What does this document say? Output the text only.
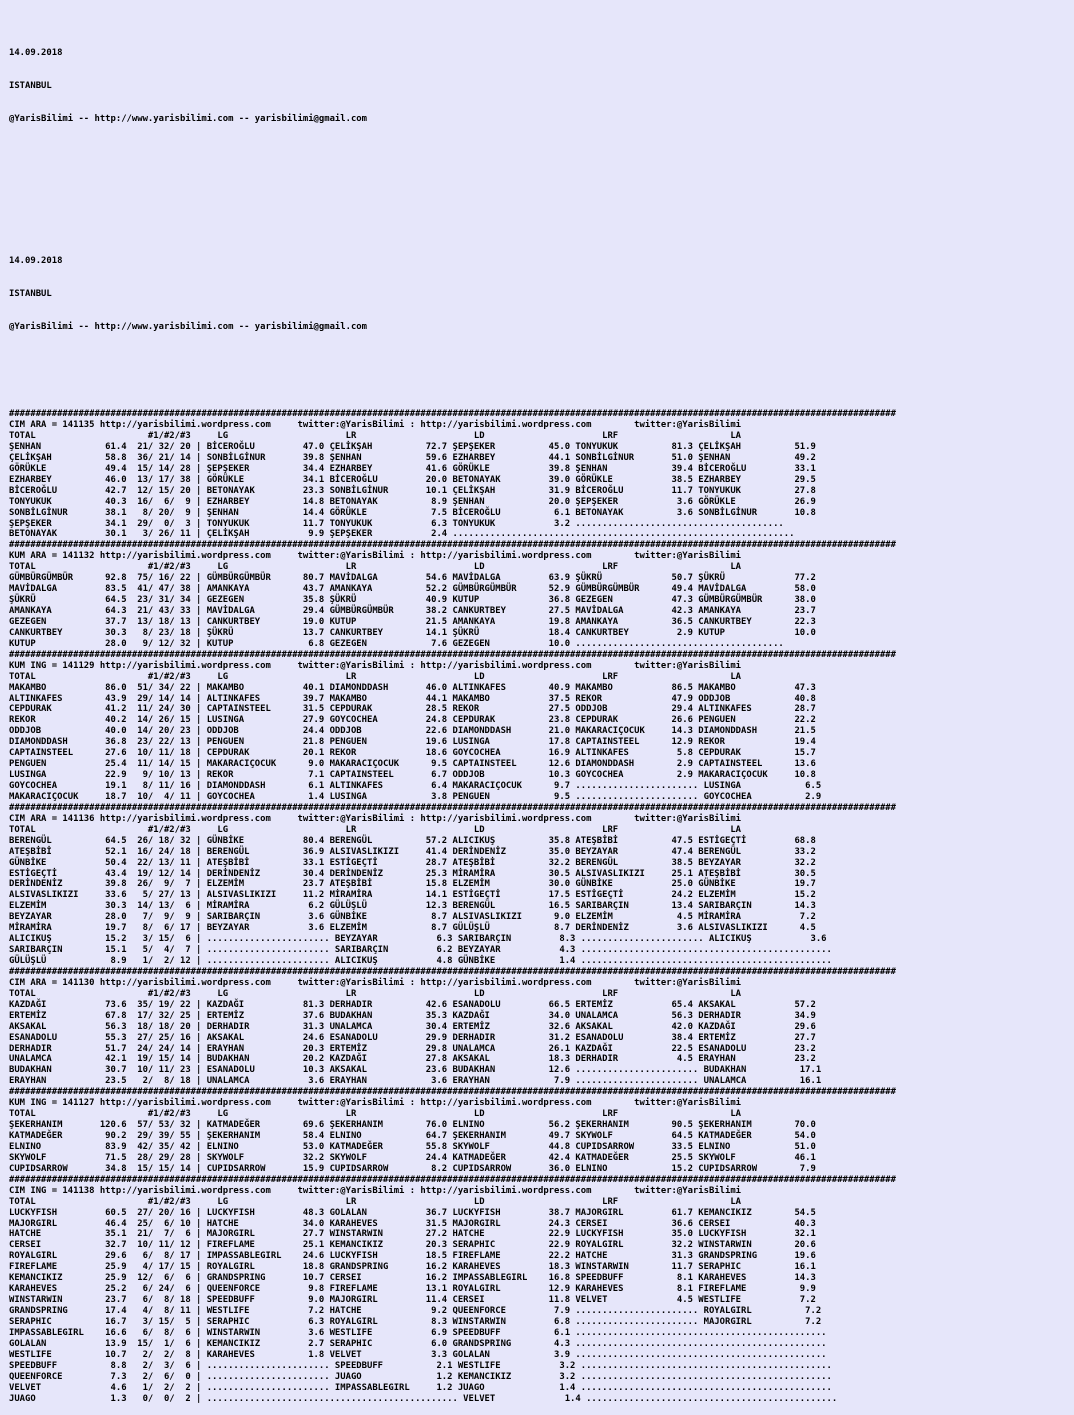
14.09.2018

ISTANBUL

@YarisBilimi -- http://www.yarisbilimi.com -- yarisbilimi@gmail.com

14.09.2018

ISTANBUL

@YarisBilimi -- http://www.yarisbilimi.com -- yarisbilimi@gmail.com

######################################################################################################################################################################
CIM ARA = 141135 http://yarisbilimi.wordpress.com     twitter:@YarisBilimi : http://yarisbilimi.wordpress.com        twitter:@YarisBilimi
TOTAL                     #1/#2/#3     LG                      LR                      LD                      LRF                     LA
ŞENHAN            61.4  21/ 32/ 20 | BİCEROĞLU         47.0 ÇELİKŞAH          72.7 ŞEPŞEKER          45.0 TONYUKUK          81.3 ÇELİKŞAH          51.9
ÇELİKŞAH          58.8  36/ 21/ 14 | SONBİLGİNUR       39.8 ŞENHAN            59.6 EZHARBEY          44.1 SONBİLGİNUR       51.0 ŞENHAN            49.2
GÖRÜKLE           49.4  15/ 14/ 28 | ŞEPŞEKER          34.4 EZHARBEY          41.6 GÖRÜKLE           39.8 ŞENHAN            39.4 BİCEROĞLU         33.1
EZHARBEY          46.0  13/ 17/ 38 | GÖRÜKLE           34.1 BİCEROĞLU         20.0 BETONAYAK         39.0 GÖRÜKLE           38.5 EZHARBEY          29.5
BİCEROĞLU         42.7  12/ 15/ 20 | BETONAYAK         23.3 SONBİLGİNUR       10.1 ÇELİKŞAH          31.9 BİCEROĞLU         11.7 TONYUKUK          27.8
TONYUKUK          40.3  16/  6/  9 | EZHARBEY          14.8 BETONAYAK          8.9 ŞENHAN            20.0 ŞEPŞEKER           3.6 GÖRÜKLE           26.9
SONBİLGİNUR       38.1   8/ 20/  9 | ŞENHAN            14.4 GÖRÜKLE            7.5 BİCEROĞLU          6.1 BETONAYAK          3.6 SONBİLGİNUR       10.8
ŞEPŞEKER          34.1  29/  0/  3 | TONYUKUK          11.7 TONYUKUK           6.3 TONYUKUK           3.2 .......................................
BETONAYAK         30.1   3/ 26/ 11 | ÇELİKŞAH           9.9 ŞEPŞEKER           2.4 ................................................................
######################################################################################################################################################################
KUM ARA = 141132 http://yarisbilimi.wordpress.com     twitter:@YarisBilimi : http://yarisbilimi.wordpress.com        twitter:@YarisBilimi
TOTAL                     #1/#2/#3     LG                      LR                      LD                      LRF                     LA
GÜMBÜRGÜMBÜR      92.8  75/ 16/ 22 | GÜMBÜRGÜMBÜR      80.7 MAVİDALGA         54.6 MAVİDALGA         63.9 ŞÜKRÜ             50.7 ŞÜKRÜ             77.2
MAVİDALGA         83.5  41/ 47/ 38 | AMANKAYA          43.7 AMANKAYA          52.2 GÜMBÜRGÜMBÜR      52.9 GÜMBÜRGÜMBÜR      49.4 MAVİDALGA         58.0
ŞÜKRÜ             64.5  23/ 31/ 34 | GEZEGEN           35.8 ŞÜKRÜ             40.9 KUTUP             36.8 GEZEGEN           47.3 GÜMBÜRGÜMBÜR      38.0
AMANKAYA          64.3  21/ 43/ 33 | MAVİDALGA         29.4 GÜMBÜRGÜMBÜR      38.2 CANKURTBEY        27.5 MAVİDALGA         42.3 AMANKAYA          23.7
GEZEGEN           37.7  13/ 18/ 13 | CANKURTBEY        19.0 KUTUP             21.5 AMANKAYA          19.8 AMANKAYA          36.5 CANKURTBEY        22.3
CANKURTBEY        30.3   8/ 23/ 18 | ŞÜKRÜ             13.7 CANKURTBEY        14.1 ŞÜKRÜ             18.4 CANKURTBEY         2.9 KUTUP             10.0
KUTUP             28.0   9/ 12/ 32 | KUTUP              6.8 GEZEGEN            7.6 GEZEGEN           10.0 .......................................
######################################################################################################################################################################
KUM ING = 141129 http://yarisbilimi.wordpress.com     twitter:@YarisBilimi : http://yarisbilimi.wordpress.com        twitter:@YarisBilimi
TOTAL                     #1/#2/#3     LG                      LR                      LD                      LRF                     LA
MAKAMBO           86.0  51/ 34/ 22 | MAKAMBO           40.1 DIAMONDDASH       46.0 ALTINKAFES        40.9 MAKAMBO           86.5 MAKAMBO           47.3
ALTINKAFES        43.9  29/ 14/ 14 | ALTINKAFES        39.7 MAKAMBO           44.1 MAKAMBO           37.5 REKOR             47.9 ODDJOB            40.8
CEPDURAK          41.2  11/ 24/ 30 | CAPTAINSTEEL      31.5 CEPDURAK          28.5 REKOR             27.5 ODDJOB            29.4 ALTINKAFES        28.7
REKOR             40.2  14/ 26/ 15 | LUSINGA           27.9 GOYCOCHEA         24.8 CEPDURAK          23.8 CEPDURAK          26.6 PENGUEN           22.2
ODDJOB            40.0  14/ 20/ 23 | ODDJOB            24.4 ODDJOB            22.6 DIAMONDDASH       21.0 MAKARACIÇOCUK     14.3 DIAMONDDASH       21.5
DIAMONDDASH       36.8  23/ 22/ 13 | PENGUEN           21.8 PENGUEN           19.6 LUSINGA           17.8 CAPTAINSTEEL      12.9 REKOR             19.4
CAPTAINSTEEL      27.6  10/ 11/ 18 | CEPDURAK          20.1 REKOR             18.6 GOYCOCHEA         16.9 ALTINKAFES         5.8 CEPDURAK          15.7
PENGUEN           25.4  11/ 14/ 15 | MAKARACIÇOCUK      9.0 MAKARACIÇOCUK      9.5 CAPTAINSTEEL      12.6 DIAMONDDASH        2.9 CAPTAINSTEEL      13.6
LUSINGA           22.9   9/ 10/ 13 | REKOR              7.1 CAPTAINSTEEL       6.7 ODDJOB            10.3 GOYCOCHEA          2.9 MAKARACIÇOCUK     10.8
GOYCOCHEA         19.1   8/ 11/ 16 | DIAMONDDASH        6.1 ALTINKAFES         6.4 MAKARACIÇOCUK      9.7 ....................... LUSINGA            6.5
MAKARACIÇOCUK     18.7  10/  4/ 11 | GOYCOCHEA          1.4 LUSINGA            3.8 PENGUEN            9.5 ....................... GOYCOCHEA          2.9
######################################################################################################################################################################
CIM ARA = 141136 http://yarisbilimi.wordpress.com     twitter:@YarisBilimi : http://yarisbilimi.wordpress.com        twitter:@YarisBilimi
TOTAL                     #1/#2/#3     LG                      LR                      LD                      LRF                     LA
BERENGÜL          64.5  26/ 18/ 32 | GÜNBİKE           80.4 BERENGÜL          57.2 ALICIKUŞ          35.8 ATEŞBİBİ          47.5 ESTİGEÇTİ         68.8
ATEŞBİBİ          52.1  16/ 24/ 18 | BERENGÜL          36.9 ALSIVASLIKIZI     41.4 DERİNDENİZ        35.0 BEYZAYAR          47.4 BERENGÜL          33.2
GÜNBİKE           50.4  22/ 13/ 11 | ATEŞBİBİ          33.1 ESTİGEÇTİ         28.7 ATEŞBİBİ          32.2 BERENGÜL          38.5 BEYZAYAR          32.2
ESTİGEÇTİ         43.4  19/ 12/ 14 | DERİNDENİZ        30.4 DERİNDENİZ        25.3 MİRAMİRA          30.5 ALSIVASLIKIZI     25.1 ATEŞBİBİ          30.5
DERİNDENİZ        39.8  26/  9/  7 | ELZEMİM           23.7 ATEŞBİBİ          15.8 ELZEMİM           30.0 GÜNBİKE           25.0 GÜNBİKE           19.7
ALSIVASLIKIZI     33.6   5/ 27/ 13 | ALSIVASLIKIZI     11.2 MİRAMİRA          14.1 ESTİGEÇTİ         17.5 ESTİGEÇTİ         24.2 ELZEMİM           15.2
ELZEMİM           30.3  14/ 13/  6 | MİRAMİRA           6.2 GÜLÜŞLÜ           12.3 BERENGÜL          16.5 SARIBARÇIN        13.4 SARIBARÇIN        14.3
BEYZAYAR          28.0   7/  9/  9 | SARIBARÇIN         3.6 GÜNBİKE            8.7 ALSIVASLIKIZI      9.0 ELZEMİM            4.5 MİRAMİRA           7.2
MİRAMİRA          19.7   8/  6/ 17 | BEYZAYAR           3.6 ELZEMİM            8.7 GÜLÜŞLÜ            8.7 DERİNDENİZ         3.6 ALSIVASLIKIZI      4.5
ALICIKUŞ          15.2   3/ 15/  6 | ....................... BEYZAYAR           6.3 SARIBARÇIN         8.3 ....................... ALICIKUŞ           3.6
SARIBARÇIN        15.1   5/  4/  7 | ....................... SARIBARÇIN         6.2 BEYZAYAR           4.3 ...............................................
GÜLÜŞLÜ            8.9   1/  2/ 12 | ....................... ALICIKUŞ           4.8 GÜNBİKE            1.4 ...............................................
######################################################################################################################################################################
CIM ARA = 141130 http://yarisbilimi.wordpress.com     twitter:@YarisBilimi : http://yarisbilimi.wordpress.com        twitter:@YarisBilimi
TOTAL                     #1/#2/#3     LG                      LR                      LD                      LRF                     LA
KAZDAĞI           73.6  35/ 19/ 22 | KAZDAĞI           81.3 DERHADIR          42.6 ESANADOLU         66.5 ERTEMİZ           65.4 AKSAKAL           57.2
ERTEMİZ           67.8  17/ 32/ 25 | ERTEMİZ           37.6 BUDAKHAN          35.3 KAZDAĞI           34.0 UNALAMCA          56.3 DERHADIR          34.9
AKSAKAL           56.3  18/ 18/ 20 | DERHADIR          31.3 UNALAMCA          30.4 ERTEMİZ           32.6 AKSAKAL           42.0 KAZDAĞI           29.6
ESANADOLU         55.3  27/ 25/ 16 | AKSAKAL           24.6 ESANADOLU         29.9 DERHADIR          31.2 ESANADOLU         38.4 ERTEMİZ           27.7
DERHADIR          51.7  24/ 24/ 14 | ERAYHAN           20.3 ERTEMİZ           29.8 UNALAMCA          26.1 KAZDAĞI           22.5 ESANADOLU         23.2
UNALAMCA          42.1  19/ 15/ 14 | BUDAKHAN          20.2 KAZDAĞI           27.8 AKSAKAL           18.3 DERHADIR           4.5 ERAYHAN           23.2
BUDAKHAN          30.7  10/ 11/ 23 | ESANADOLU         10.3 AKSAKAL           23.6 BUDAKHAN          12.6 ....................... BUDAKHAN          17.1
ERAYHAN           23.5   2/  8/ 18 | UNALAMCA           3.6 ERAYHAN            3.6 ERAYHAN            7.9 ....................... UNALAMCA          16.1
######################################################################################################################################################################
KUM ING = 141127 http://yarisbilimi.wordpress.com     twitter:@YarisBilimi : http://yarisbilimi.wordpress.com        twitter:@YarisBilimi
TOTAL                     #1/#2/#3     LG                      LR                      LD                      LRF                     LA
ŞEKERHANIM       120.6  57/ 53/ 32 | KATMADEĞER        69.6 ŞEKERHANIM        76.0 ELNINO            56.2 ŞEKERHANIM        90.5 ŞEKERHANIM        70.0
KATMADEĞER        90.2  29/ 39/ 55 | ŞEKERHANIM        58.4 ELNINO            64.7 ŞEKERHANIM        49.7 SKYWOLF           64.5 KATMADEĞER        54.0
ELNINO            83.9  42/ 35/ 42 | ELNINO            53.0 KATMADEĞER        55.8 SKYWOLF           44.8 CUPIDSARROW       33.5 ELNINO            51.0
SKYWOLF           71.5  28/ 29/ 28 | SKYWOLF           32.2 SKYWOLF           24.4 KATMADEĞER        42.4 KATMADEĞER        25.5 SKYWOLF           46.1
CUPIDSARROW       34.8  15/ 15/ 14 | CUPIDSARROW       15.9 CUPIDSARROW        8.2 CUPIDSARROW       36.0 ELNINO            15.2 CUPIDSARROW        7.9
######################################################################################################################################################################
CIM ING = 141138 http://yarisbilimi.wordpress.com     twitter:@YarisBilimi : http://yarisbilimi.wordpress.com        twitter:@YarisBilimi
TOTAL                     #1/#2/#3     LG                      LR                      LD                      LRF                     LA
LUCKYFISH         60.5  27/ 20/ 16 | LUCKYFISH         48.3 GOLALAN           36.7 LUCKYFISH         38.7 MAJORGIRL         61.7 KEMANCIKIZ        54.5
MAJORGIRL         46.4  25/  6/ 10 | HATCHE            34.0 KARAHEVES         31.5 MAJORGIRL         24.3 CERSEI            36.6 CERSEI            40.3
HATCHE            35.1  21/  7/  6 | MAJORGIRL         27.7 WINSTARWIN        27.2 HATCHE            22.9 LUCKYFISH         35.0 LUCKYFISH         32.1
CERSEI            32.7  10/ 11/ 12 | FIREFLAME         25.1 KEMANCIKIZ        20.3 SERAPHIC          22.9 ROYALGIRL         32.2 WINSTARWIN        20.6
ROYALGIRL         29.6   6/  8/ 17 | IMPASSABLEGIRL    24.6 LUCKYFISH         18.5 FIREFLAME         22.2 HATCHE            31.3 GRANDSPRING       19.6
FIREFLAME         25.9   4/ 17/ 15 | ROYALGIRL         18.8 GRANDSPRING       16.2 KARAHEVES         18.3 WINSTARWIN        11.7 SERAPHIC          16.1
KEMANCIKIZ        25.9  12/  6/  6 | GRANDSPRING       10.7 CERSEI            16.2 IMPASSABLEGIRL    16.8 SPEEDBUFF          8.1 KARAHEVES         14.3
KARAHEVES         25.2   6/ 24/  6 | QUEENFORCE         9.8 FIREFLAME         13.1 ROYALGIRL         12.9 KARAHEVES          8.1 FIREFLAME          9.9
WINSTARWIN        23.7   6/  8/ 18 | SPEEDBUFF          9.0 MAJORGIRL         11.4 CERSEI            11.8 VELVET             4.5 WESTLIFE           7.2
GRANDSPRING       17.4   4/  8/ 11 | WESTLIFE           7.2 HATCHE             9.2 QUEENFORCE         7.9 ....................... ROYALGIRL          7.2
SERAPHIC          16.7   3/ 15/  5 | SERAPHIC           6.3 ROYALGIRL          8.3 WINSTARWIN         6.8 ....................... MAJORGIRL          7.2
IMPASSABLEGIRL    16.6   6/  8/  6 | WINSTARWIN         3.6 WESTLIFE           6.9 SPEEDBUFF          6.1 ...............................................
GOLALAN           13.9  15/  1/  6 | KEMANCIKIZ         2.7 SERAPHIC           6.0 GRANDSPRING        4.3 ...............................................
WESTLIFE          10.7   2/  2/  8 | KARAHEVES          1.8 VELVET             3.3 GOLALAN            3.9 ...............................................
SPEEDBUFF          8.8   2/  3/  6 | ....................... SPEEDBUFF          2.1 WESTLIFE           3.2 ...............................................
QUEENFORCE         7.3   2/  6/  0 | ....................... JUAGO              1.2 KEMANCIKIZ         3.2 ...............................................
VELVET             4.6   1/  2/  2 | ....................... IMPASSABLEGIRL     1.2 JUAGO              1.4 ...............................................
JUAGO              1.3   0/  0/  2 | ............................................... VELVET             1.4 ...............................................
